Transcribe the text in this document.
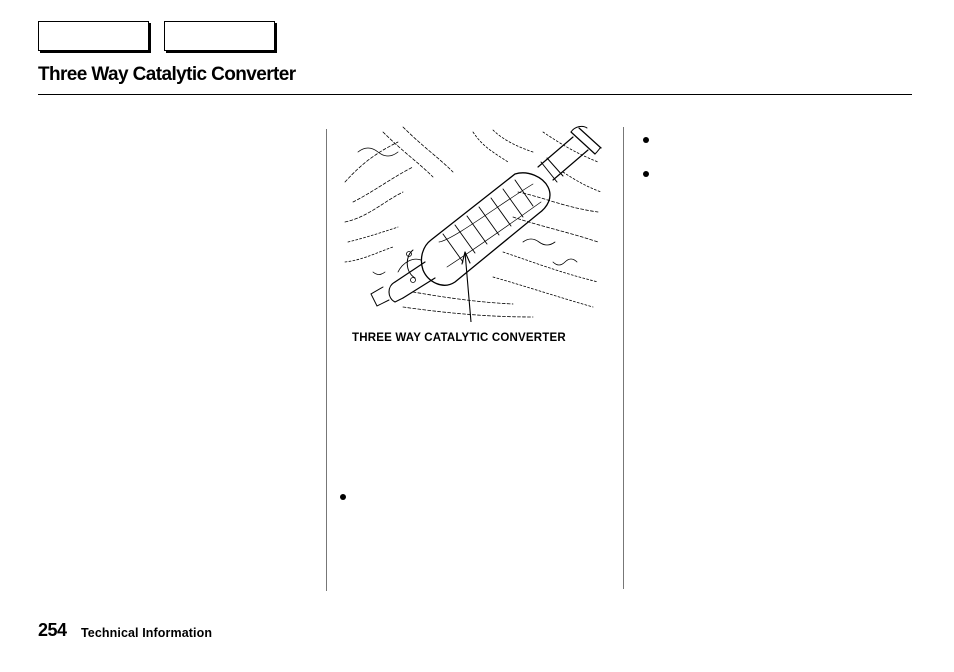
Three Way Catalytic Converter
THREE WAY CATALYTIC CONVERTER
254 Technical Information
